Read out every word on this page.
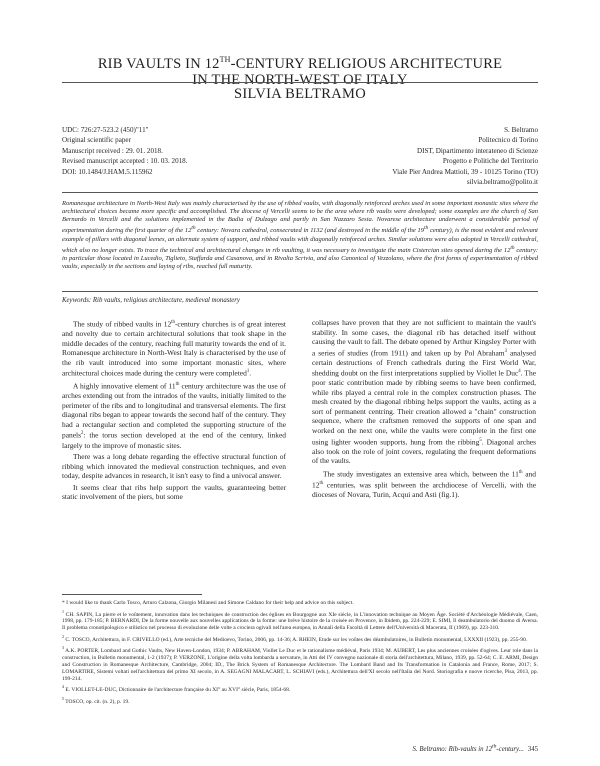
RIB VAULTS IN 12TH-CENTURY RELIGIOUS ARCHITECTURE
IN THE NORTH-WEST OF ITALY
SILVIA BELTRAMO
UDC: 726:27-523.2 (450)"11"
Original scientific paper
Manuscript received : 29. 01. 2018.
Revised manuscript accepted : 10. 03. 2018.
DOI: 10.1484/J.HAM.5.115962
S. Beltramo
Politecnico di Torino
DIST, Dipartimento interateneo di Scienze
Progetto e Politiche del Territorio
Viale Pier Andrea Mattioli, 39 - 10125 Torino (TO)
silvia.beltramo@polito.it
Romanesque architecture in North-West Italy was mainly characterised by the use of ribbed vaults, with diagonally reinforced arches used in some important monastic sites where the architectural choices became more specific and accomplished. The diocese of Vercelli seems to be the area where rib vaults were developed; some examples are the church of San Bernardo in Vercelli and the solutions implemented in the Badia of Dulzago and partly in San Nazzaro Sesia. Novarese architecture underwent a considerable period of experimentation during the first quarter of the 12th century: Novara cathedral, consecrated in 1132 (and destroyed in the middle of the 19th century), is the most evident and relevant example of pillars with diagonal leenes, an alternate system of support, and ribbed vaults with diagonally reinforced arches. Similar solutions were also adopted in Vercelli cathedral, which also no longer exists. To trace the technical and architectural changes in rib vaulting, it was necessary to investigate the main Cistercian sites opened during the 12th century: in particular those located in Lucedio, Tiglieto, Staffarda and Casanova, and in Rivalta Scrivia, and also Canonical of Vezzolano, where the first forms of experimentation of ribbed vaults, especially in the sections and laying of ribs, reached full maturity.
Keywords: Rib vaults, religious architecture, medieval monastery

The study of ribbed vaults in 12th-century churches is of great interest and novelty due to certain architectural solutions that took shape in the middle decades of the century, reaching full maturity towards the end of it. Romanesque architecture in North-West Italy is characterised by the use of the rib vault introduced into some important monastic sites, where architectural choices made during the century were completed$^1$.

A highly innovative element of 11th century architecture was the use of arches extending out from the intrados of the vaults, initially limited to the perimeter of the ribs and to longitudinal and transversal elements. The first diagonal ribs began to appear towards the second half of the century. They had a rectangular section and completed the supporting structure of the panels$^2$: the torus section developed at the end of the century, linked largely to the improve of monastic sites.

There was a long debate regarding the effective structural function of ribbing which innovated the medieval construction techniques, and even today, despite advances in research, it isn't easy to find a univocal answer.

It seems clear that ribs help support the vaults, guaranteeing better static involvement of the piers, but some

collapses have proven that they are not sufficient to maintain the vault's stability. In some cases, the diagonal rib has detached itself without causing the vault to fall. The debate opened by Arthur Kingsley Porter with a series of studies (from 1911) and taken up by Pol Abraham$^3$ analysed certain destructions of French cathedrals during the First World War, shedding doubt on the first interpretations supplied by Viollet le Duc$^4$. The poor static contribution made by ribbing seems to have been confirmed, while ribs played a central role in the complex construction phases. The mesh created by the diagonal ribbing helps support the vaults, acting as a sort of permanent centring. Their creation allowed a "chain" construction sequence, where the craftsmen removed the supports of one span and worked on the next one, while the vaults were complete in the first one using lighter wooden supports, hung from the ribbing$^5$. Diagonal arches also took on the role of joint covers, regulating the frequent deformations of the vaults.

The study investigates an extensive area which, between the 11th and 12th centuries, was split between the archdiocese of Vercelli, with the dioceses of Novara, Turin, Acqui and Asti (fig.1).

* I would like to thank Carlo Tosco, Arturo Calzona, Giorgio Milanesi and Simone Caldano for their help and advice on this subject.
$^1$ CH. SAPIN, La pierre et le voûtement, innovation dans les techniques de construction des églises en Bourgogne aux XIe siècle, in L'innovation technique au Moyen Âge. Société d'Archéologie Médiévale, Caen, 1998, pp. 179-185; P. BERNARDI, De la forme nouvelle aux nouvelles applications de la forme: une brève histoire de la croisée en Provence, in Ibidem, pp. 224-229; E. SIMI, Il deambulatorio del duomo di Aversa. Il problema cronotipologico e stilistico nel processo di evoluzione delle volte a crociera ogivali nell'area europea, in Annali della Facoltà di Lettere dell'Università di Macerata, II (1969), pp. 223-310.
$^2$ C. TOSCO, Architettura, in F. CRIVELLO (ed.), Arte tecniche del Medioevo, Torino, 2006, pp. 14-36; A. RHEIN, Etude sur les voûtes des déambulatoires, in Bulletin monumental, LXXXII (1923), pp. 255-90.
$^3$ A.K. PORTER, Lombard and Gothic Vaults, New Haven-London, 1934; P. ABRAHAM, Viollet Le Duc et le rationalisme médiéval, Paris 1934; M. AUBERT, Les plus anciennes croisées d'ogives. Leur role dans la construction, in Bulletin monumental, 1-2 (1937); P. VERZONE, L'origine della volta lombarda a nervature, in Atti del IV convegno nazionale di storia dell'architettura, Milano, 1939, pp. 52-64; C. E. ARMI, Design and Construction in Romanesque Architecture, Cambridge, 2004; ID., The Brick System of Romanesque Architecture. The Lombard Band and Its Transformation in Catalonia and France, Rome, 2017; S. LOMARTIRE, Sistemi voltati nell'architettura del primo XI secolo, in A. SEGAGNI MALACART, L. SCHIAVI (eds.), Architettura dell'XI secolo nell'Italia del Nord. Storiografia e nuove ricerche, Pisa, 2013, pp. 199-214.
$^4$ E. VIOLLET-LE-DUC, Dictionnaire de l'architecture française du XI° au XVI° siècle, Paris, 1854-68.
$^5$ TOSCO, op. cit. (n. 2), p. 19.
S. Beltramo: Rib-vaults in 12th-century... 345
